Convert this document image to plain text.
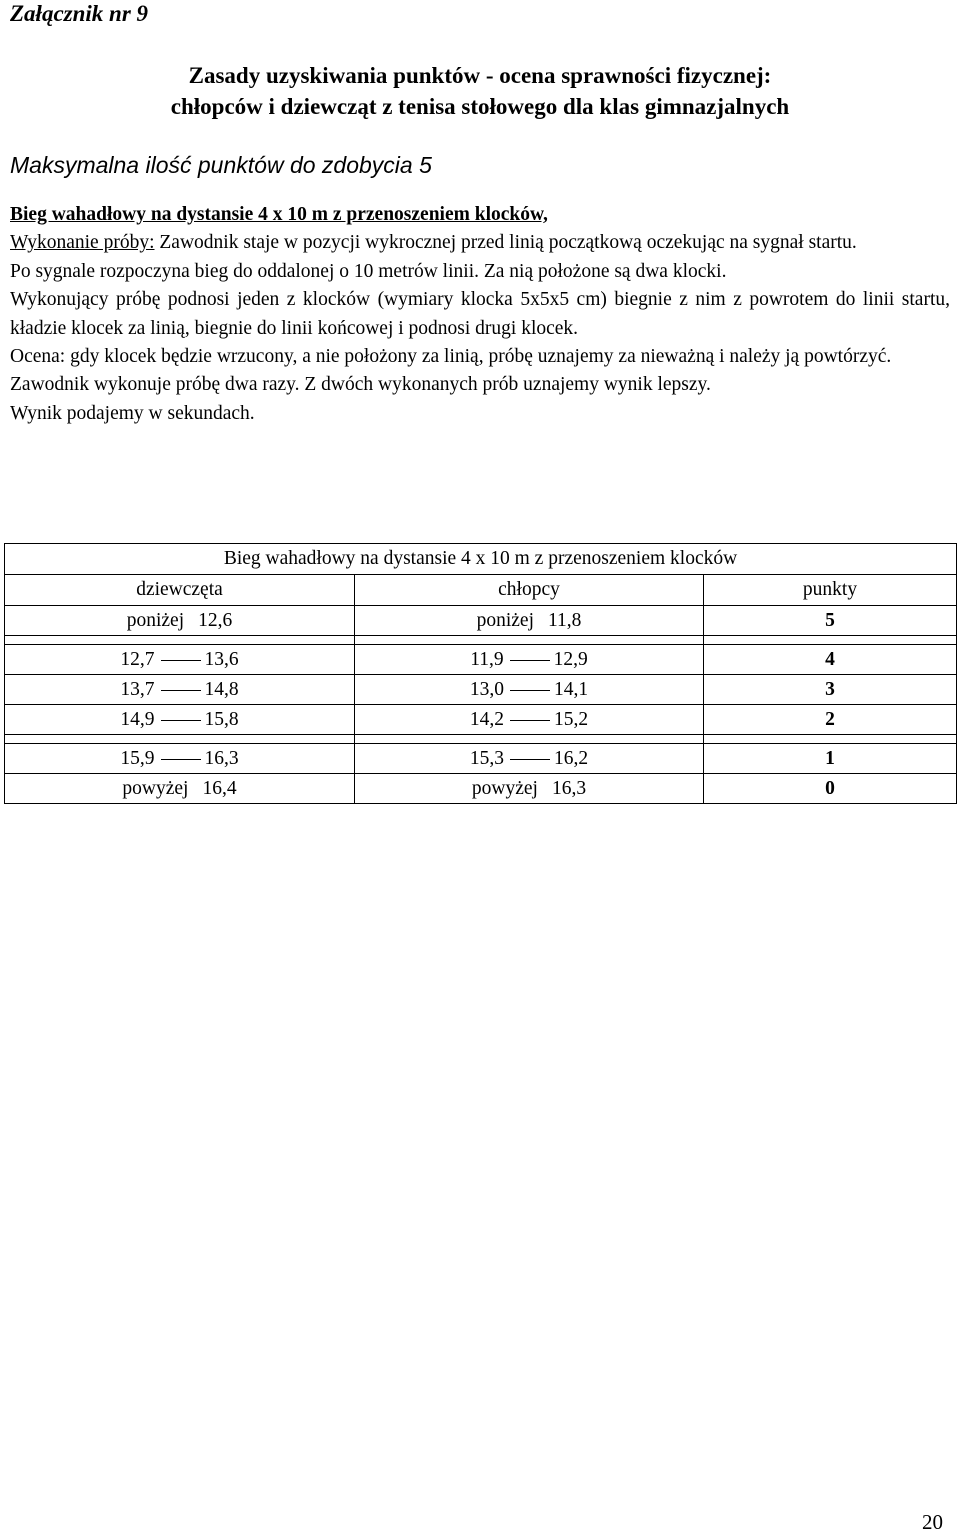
Załącznik nr 9
Zasady uzyskiwania punktów - ocena sprawności fizycznej:
chłopców i dziewcząt z tenisa stołowego dla klas gimnazjalnych
Maksymalna ilość punktów do zdobycia 5

Bieg wahadłowy na dystansie 4 x 10 m z przenoszeniem klocków,

Wykonanie próby: Zawodnik staje w pozycji wykrocznej przed linią początkową oczekując na sygnał startu.

Po sygnale rozpoczyna bieg do oddalonej o 10 metrów linii. Za nią położone są dwa klocki.

Wykonujący próbę podnosi jeden z klocków (wymiary klocka 5x5x5 cm) biegnie z nim z powrotem do linii startu, kładzie klocek za linią, biegnie do linii końcowej i podnosi drugi klocek.

Ocena: gdy klocek będzie wrzucony, a nie położony za linią, próbę uznajemy za nieważną i należy ją powtórzyć.

Zawodnik wykonuje próbę dwa razy. Z dwóch wykonanych prób uznajemy wynik lepszy.

Wynik podajemy w sekundach.

Bieg wahadłowy na dystansie 4 x 10 m z przenoszeniem klocków		
dziewczęta	chłopcy	punkty
poniżej 12,6	poniżej 11,8	5

12,7 13,6	11,9 12,9	4
13,7 14,8	13,0 14,1	3
14,9 15,8	14,2 15,2	2

15,9 16,3	15,3 16,2	1
powyżej 16,4	powyżej 16,3	0
20
